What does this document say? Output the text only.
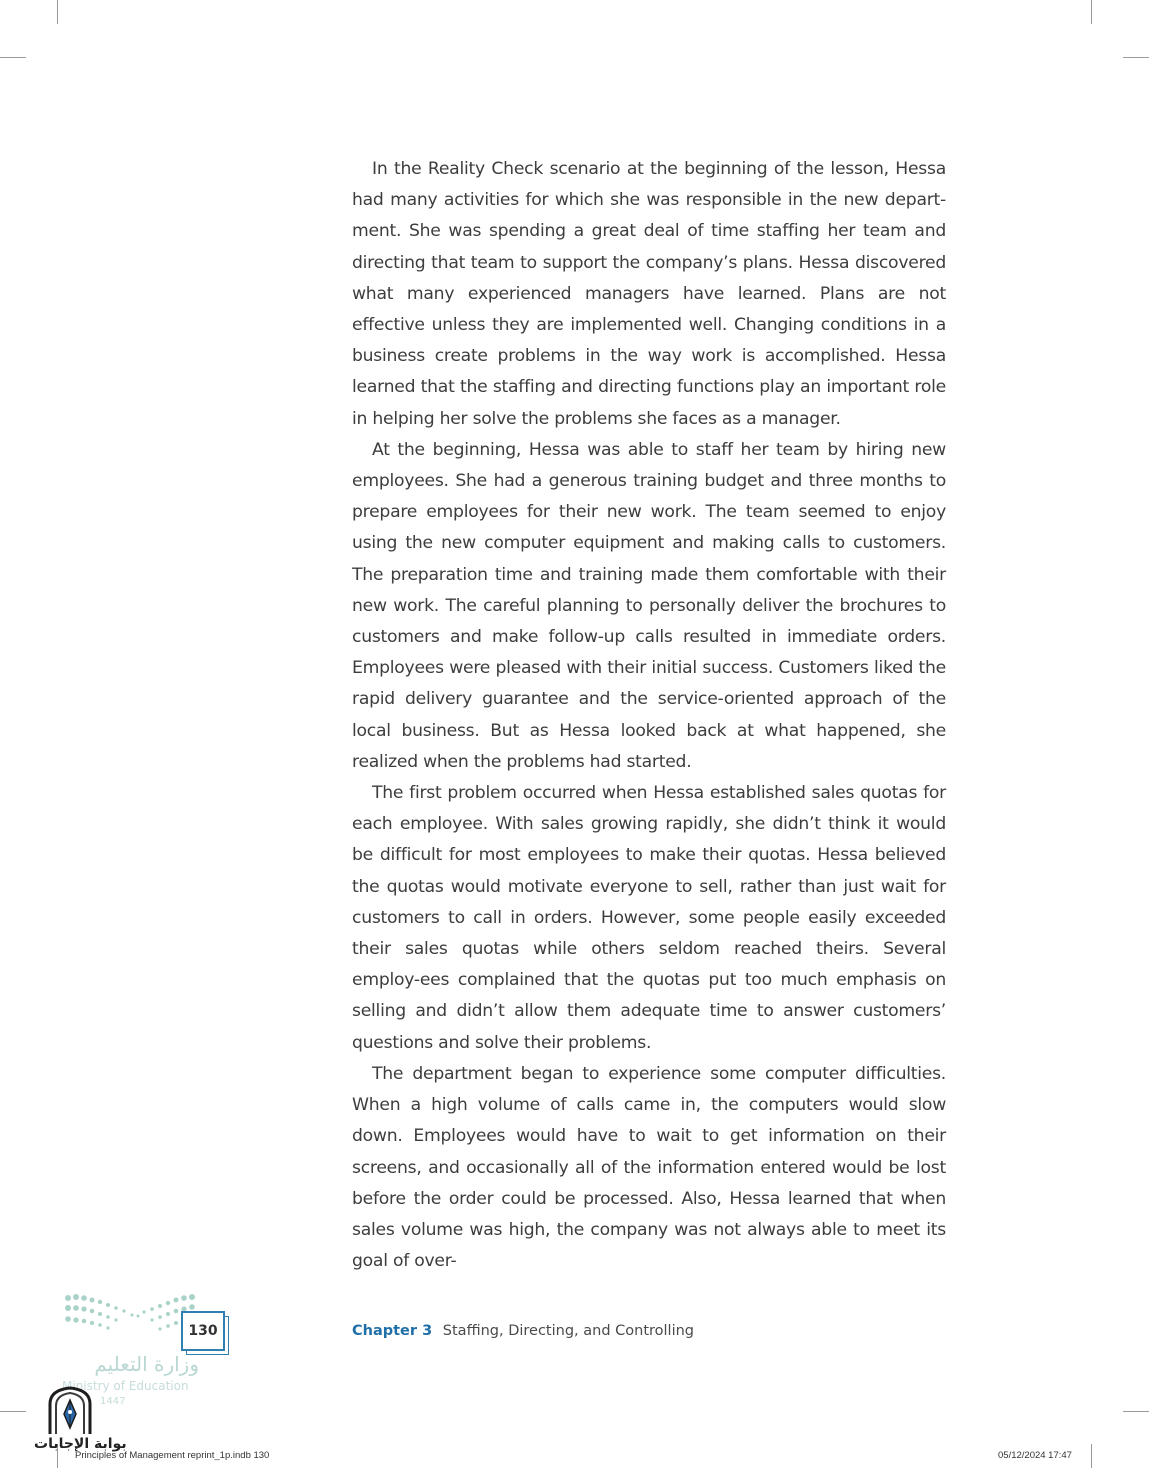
In the Reality Check scenario at the beginning of the lesson, Hessa had many activities for which she was responsible in the new depart-ment. She was spending a great deal of time staffing her team and directing that team to support the company’s plans. Hessa discovered what many experienced managers have learned. Plans are not effective unless they are implemented well. Changing conditions in a business create problems in the way work is accomplished. Hessa learned that the staffing and directing functions play an important role in helping her solve the problems she faces as a manager.

At the beginning, Hessa was able to staff her team by hiring new employees. She had a generous training budget and three months to prepare employees for their new work. The team seemed to enjoy using the new computer equipment and making calls to customers. The preparation time and training made them comfortable with their new work. The careful planning to personally deliver the brochures to customers and make follow-up calls resulted in immediate orders. Employees were pleased with their initial success. Customers liked the rapid delivery guarantee and the service-oriented approach of the local business. But as Hessa looked back at what happened, she realized when the problems had started.

The first problem occurred when Hessa established sales quotas for each employee. With sales growing rapidly, she didn’t think it would be difficult for most employees to make their quotas. Hessa believed the quotas would motivate everyone to sell, rather than just wait for customers to call in orders. However, some people easily exceeded their sales quotas while others seldom reached theirs. Several employ-ees complained that the quotas put too much emphasis on selling and didn’t allow them adequate time to answer customers’ questions and solve their problems.

The department began to experience some computer difficulties. When a high volume of calls came in, the computers would slow down. Employees would have to wait to get information on their screens, and occasionally all of the information entered would be lost before the order could be processed. Also, Hessa learned that when sales volume was high, the company was not always able to meet its goal of over-

130
وزارة التعليم
Ministry of Education
1447
Chapter 3 Staffing, Directing, and Controlling
بوابة الإجابات
Principles of Management reprint_1p.indb 130	05/12/2024 17:47
